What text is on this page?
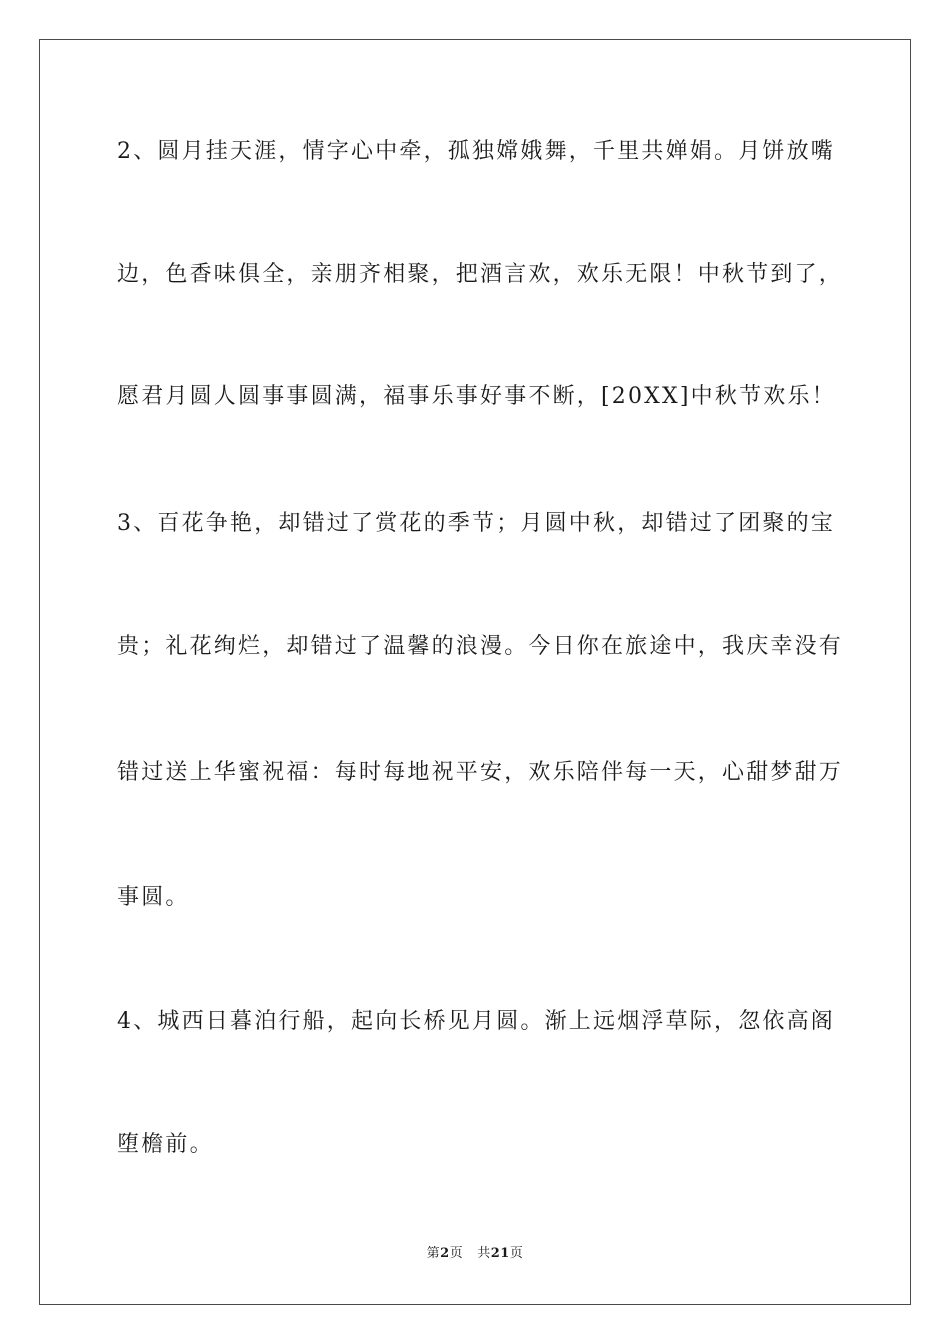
2、圆月挂天涯，情字心中牵，孤独嫦娥舞，千里共婵娟。月饼放嘴
边，色香味俱全，亲朋齐相聚，把酒言欢，欢乐无限！中秋节到了，
愿君月圆人圆事事圆满，福事乐事好事不断，[20XX]中秋节欢乐！
3、百花争艳，却错过了赏花的季节；月圆中秋，却错过了团聚的宝
贵；礼花绚烂，却错过了温馨的浪漫。今日你在旅途中，我庆幸没有
错过送上华蜜祝福：每时每地祝平安，欢乐陪伴每一天，心甜梦甜万
事圆。
4、城西日暮泊行船，起向长桥见月圆。渐上远烟浮草际，忽依高阁
堕檐前。
第2页 共21页
